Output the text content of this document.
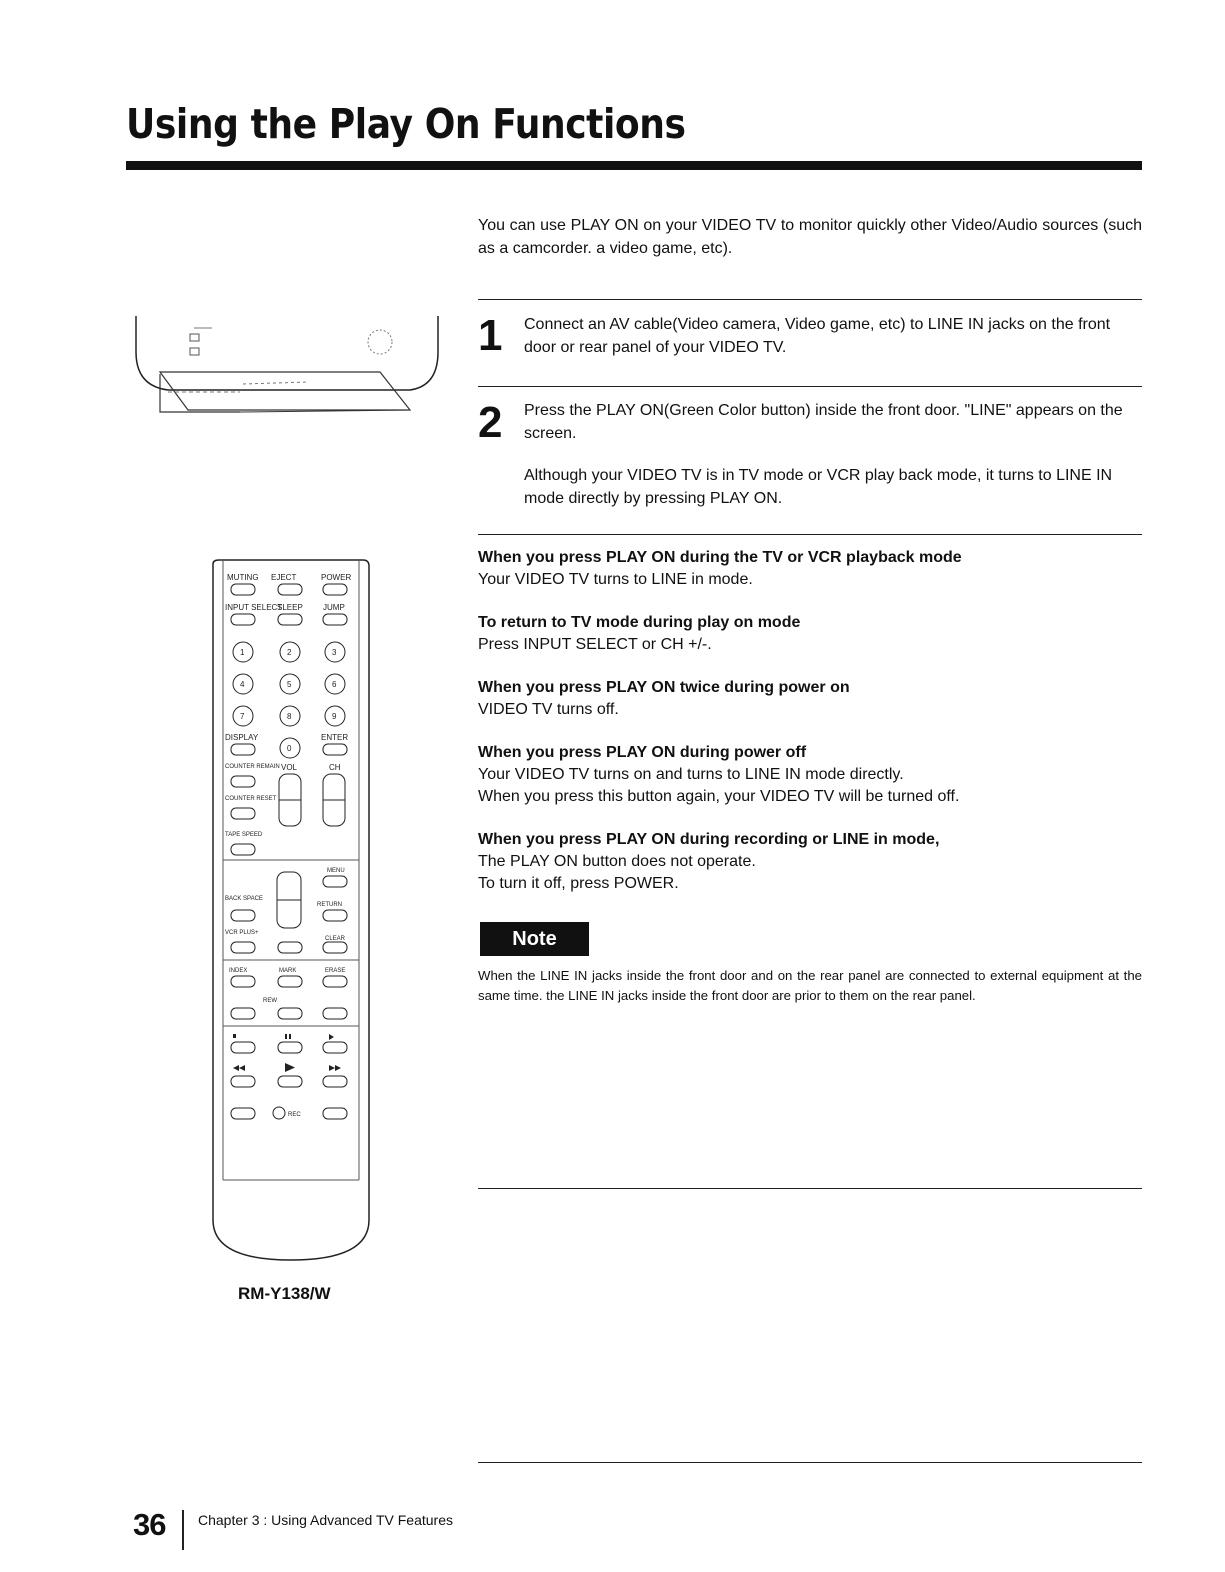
Using the Play On Functions

You can use PLAY ON on your VIDEO TV to monitor quickly other Video/Audio sources (such as a camcorder. a video game, etc).

1 Connect an AV cable(Video camera, Video game, etc) to LINE IN jacks on the front door or rear panel of your VIDEO TV.

2 Press the PLAY ON(Green Color button) inside the front door. "LINE" appears on the screen.

Although your VIDEO TV is in TV mode or VCR play back mode, it turns to LINE IN mode directly by pressing PLAY ON.

When you press PLAY ON during the TV or VCR playback mode

Your VIDEO TV turns to LINE in mode.

To return to TV mode during play on mode

Press INPUT SELECT or CH +/-.

When you press PLAY ON twice during power on

VIDEO TV turns off.

When you press PLAY ON during power off

Your VIDEO TV turns on and turns to LINE IN mode directly.

When you press this button again, your VIDEO TV will be turned off.

When you press PLAY ON during recording or LINE in mode,

The PLAY ON button does not operate.

To turn it off, press POWER.

Note

When the LINE IN jacks inside the front door and on the rear panel are connected to external equipment at the same time. the LINE IN jacks inside the front door are prior to them on the rear panel.

MUTING EJECT	POWER
INPUT SELECT
SLEEP	JUMP
1	2	3
4	5	6
7	8	9
DISPLAY	ENTER
0
COUNTER REMAIN VOL	CH
COUNTER RESET
TAPE SPEED
MENU
BACK SPACE
RETURN
VCR PLUS+
CLEAR
INDEX	MARK	ERASE
REW
REC
RM-Y138/W
36 Chapter 3 : Using Advanced TV Features
